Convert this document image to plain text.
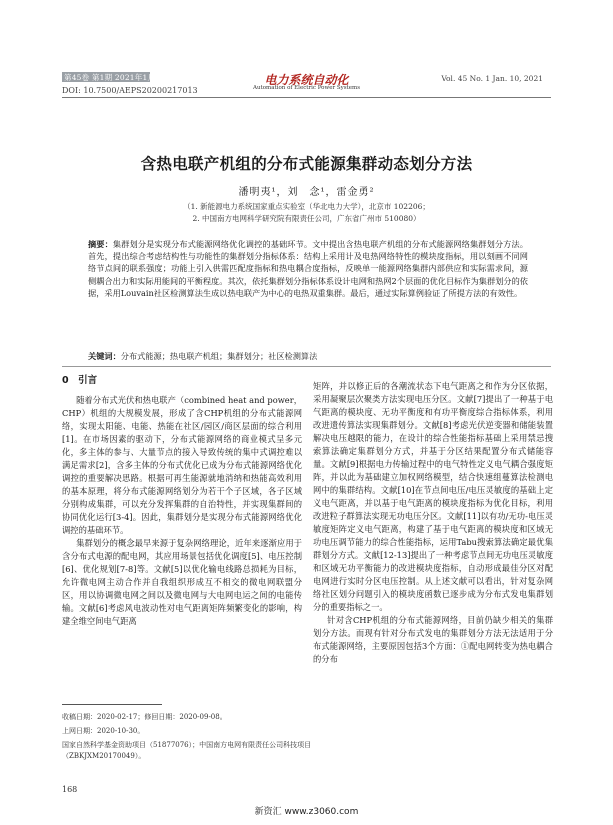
第45卷 第1期 2021年1月10日
DOI: 10.7500/AEPS20200217013
电力系统自动化
Automation of Electric Power Systems
Vol. 45 No. 1 Jan. 10, 2021
含热电联产机组的分布式能源集群动态划分方法
潘明夷¹，刘　念¹，雷金勇²
（1. 新能源电力系统国家重点实验室（华北电力大学），北京市 102206；
2. 中国南方电网科学研究院有限责任公司，广东省广州市 510080）
摘要：集群划分是实现分布式能源网络优化调控的基础环节。文中提出含热电联产机组的分布式能源网络集群划分方法。首先，提出综合考虑结构性与功能性的集群划分指标体系：结构上采用计及电热网络特性的模块度指标，用以刻画不同网络节点间的联系强度；功能上引入供需匹配度指标和热电耦合度指标，反映单一能源网络集群内部供应和实际需求间，源侧耦合出力和实际用能间的平衡程度。其次，依托集群划分指标体系设计电网和热网2个层面的优化目标作为集群划分的依据，采用Louvain社区检测算法生成以热电联产为中心的电热双重集群。最后，通过实际算例验证了所提方法的有效性。
关键词：分布式能源；热电联产机组；集群划分；社区检测算法
0　引言

随着分布式光伏和热电联产（combined heat and power，CHP）机组的大规模发展，形成了含CHP机组的分布式能源网络，实现太阳能、电能、热能在社区/园区/商区层面的综合利用[1]。在市场因素的驱动下，分布式能源网络的商业模式呈多元化，多主体的参与、大量节点的接入导致传统的集中式调控难以满足需求[2]，含多主体的分布式优化已成为分布式能源网络优化调控的重要解决思路。根据可再生能源就地消纳和热能高效利用的基本原理，将分布式能源网络划分为若干个子区域，各子区域分别构成集群，可以充分发挥集群的自治特性，并实现集群间的协同优化运行[3-4]。因此，集群划分是实现分布式能源网络优化调控的基础环节。

集群划分的概念最早来源于复杂网络理论，近年来逐渐应用于含分布式电源的配电网，其应用场景包括优化调度[5]、电压控制[6]、优化规划[7-8]等。文献[5]以优化输电线路总损耗为目标，允许微电网主动合作并自我组织形成互不相交的微电网联盟分区，用以协调微电网之间以及微电网与大电网电运之间的电能传输。文献[6]考虑风电波动性对电气距离矩阵频繁变化的影响，构建全维空间电气距离

矩阵，并以修正后的各潮流状态下电气距离之和作为分区依据，采用凝聚层次聚类方法实现电压分区。文献[7]提出了一种基于电气距离的模块度、无功平衡度和有功平衡度综合指标体系，利用改进遗传算法实现集群划分。文献[8]考虑光伏逆变器和储能装置解决电压越限的能力，在设计的综合性能指标基础上采用禁忌搜索算法确定集群划分方式，并基于分区结果配置分布式储能容量。文献[9]根据电力传输过程中的电气特性定义电气耦合强度矩阵，并以此为基础建立加权网络模型，结合快速组蔓算法检测电网中的集群结构。文献[10]在节点间电压/电压灵敏度的基础上定义电气距离，并以基于电气距离的模块度指标为优化目标，利用改进粒子群算法实现无功电压分区。文献[11]以有功/无功-电压灵敏度矩阵定义电气距离，构建了基于电气距离的模块度和区域无功电压调节能力的综合性能指标，运用Tabu搜索算法确定最优集群划分方式。文献[12-13]提出了一种考虑节点间无功电压灵敏度和区域无功平衡能力的改进模块度指标，自动形成最佳分区对配电网进行实时分区电压控制。从上述文献可以看出，针对复杂网络社区划分问题引入的模块度函数已逐步成为分布式发电集群划分的重要指标之一。

针对含CHP机组的分布式能源网络，目前仍缺少相关的集群划分方法。而现有针对分布式发电的集群划分方法无法适用于分布式能源网络，主要原因包括3个方面：①配电网转变为热电耦合的分布

收稿日期：2020-02-17；修回日期：2020-09-08。
上网日期：2020-10-30。
国家自然科学基金资助项目（51877076）；中国南方电网有限责任公司科技项目（ZBKJXM20170049）。
168
新资汇 www.z3060.com
